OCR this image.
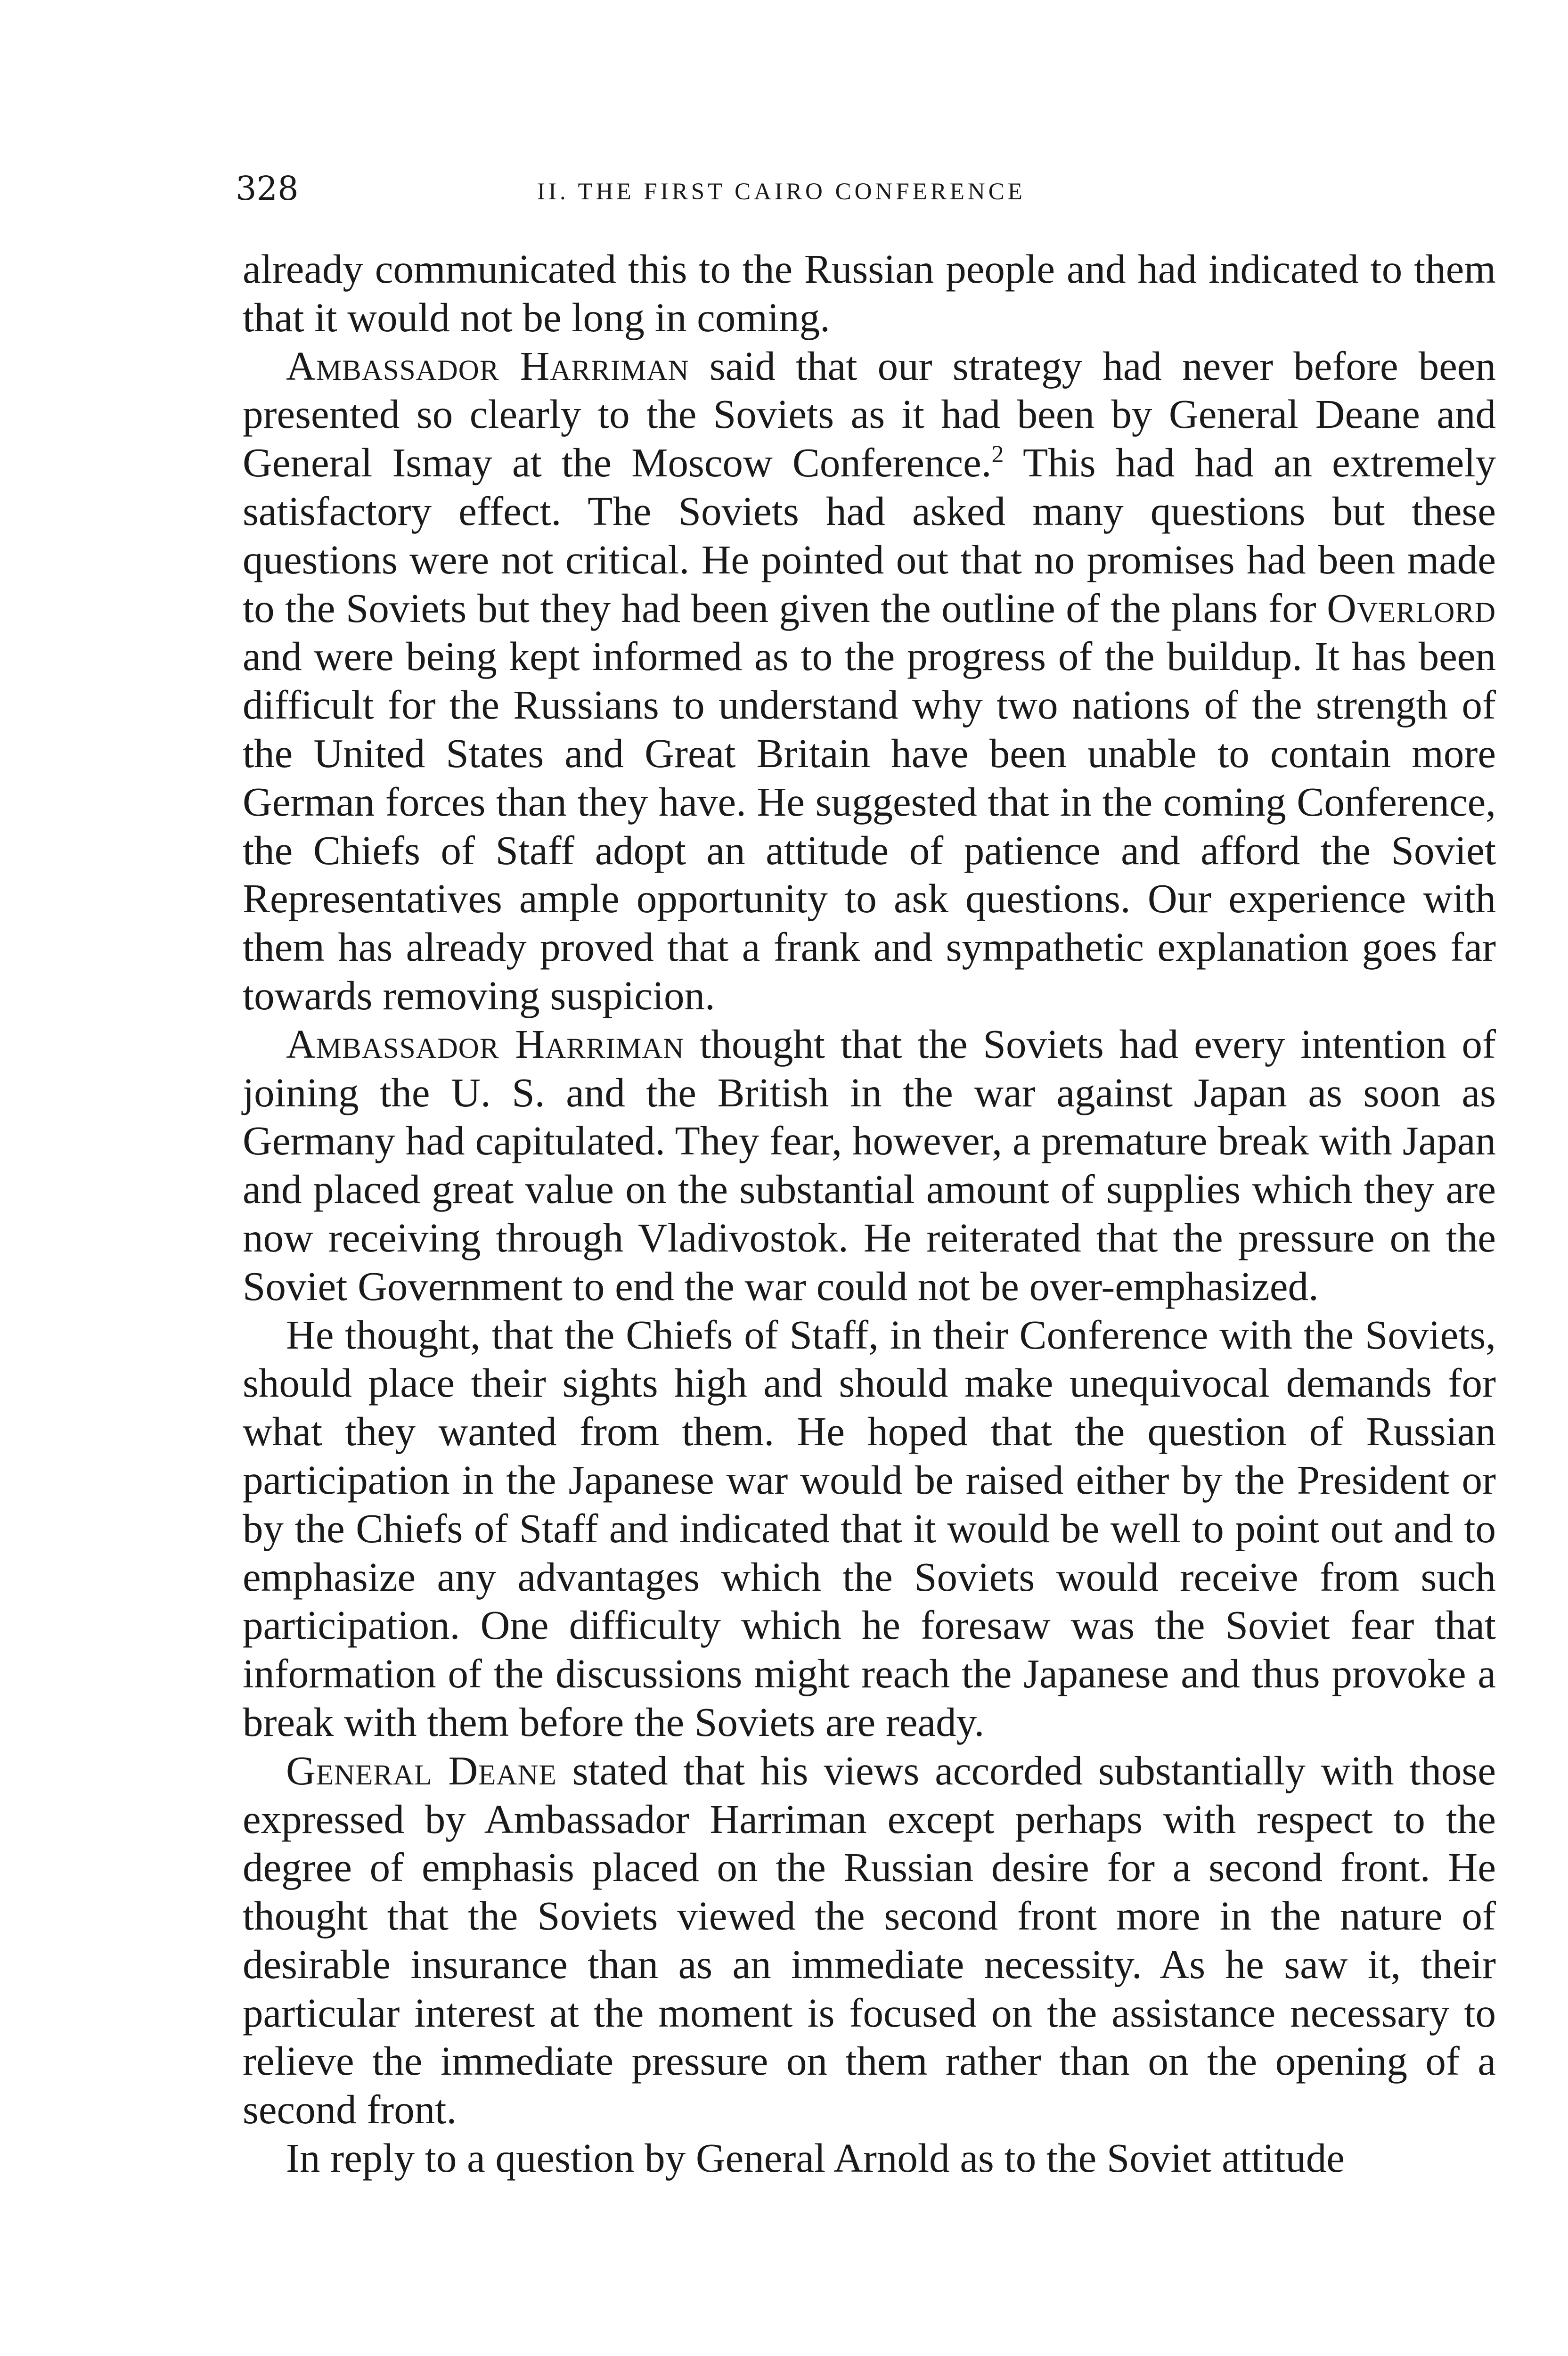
328	II. THE FIRST CAIRO CONFERENCE

already communicated this to the Russian people and had indicated to them that it would not be long in coming.

Ambassador Harriman said that our strategy had never before been presented so clearly to the Soviets as it had been by General Deane and General Ismay at the Moscow Conference.$^2$ This had had an extremely satisfactory effect. The Soviets had asked many questions but these questions were not critical. He pointed out that no promises had been made to the Soviets but they had been given the outline of the plans for Overlord and were being kept informed as to the progress of the buildup. It has been difficult for the Russians to understand why two nations of the strength of the United States and Great Britain have been unable to contain more German forces than they have. He suggested that in the coming Conference, the Chiefs of Staff adopt an attitude of patience and afford the Soviet Representatives ample opportunity to ask questions. Our experience with them has already proved that a frank and sympathetic explanation goes far towards removing suspicion.

Ambassador Harriman thought that the Soviets had every intention of joining the U. S. and the British in the war against Japan as soon as Germany had capitulated. They fear, however, a premature break with Japan and placed great value on the substantial amount of supplies which they are now receiving through Vladivostok. He reiterated that the pressure on the Soviet Government to end the war could not be over-emphasized.

He thought, that the Chiefs of Staff, in their Conference with the Soviets, should place their sights high and should make unequivocal demands for what they wanted from them. He hoped that the question of Russian participation in the Japanese war would be raised either by the President or by the Chiefs of Staff and indicated that it would be well to point out and to emphasize any advantages which the Soviets would receive from such participation. One difficulty which he foresaw was the Soviet fear that information of the discussions might reach the Japanese and thus provoke a break with them before the Soviets are ready.

General Deane stated that his views accorded substantially with those expressed by Ambassador Harriman except perhaps with respect to the degree of emphasis placed on the Russian desire for a second front. He thought that the Soviets viewed the second front more in the nature of desirable insurance than as an immediate necessity. As he saw it, their particular interest at the moment is focused on the assistance necessary to relieve the immediate pressure on them rather than on the opening of a second front.

In reply to a question by General Arnold as to the Soviet attitude
